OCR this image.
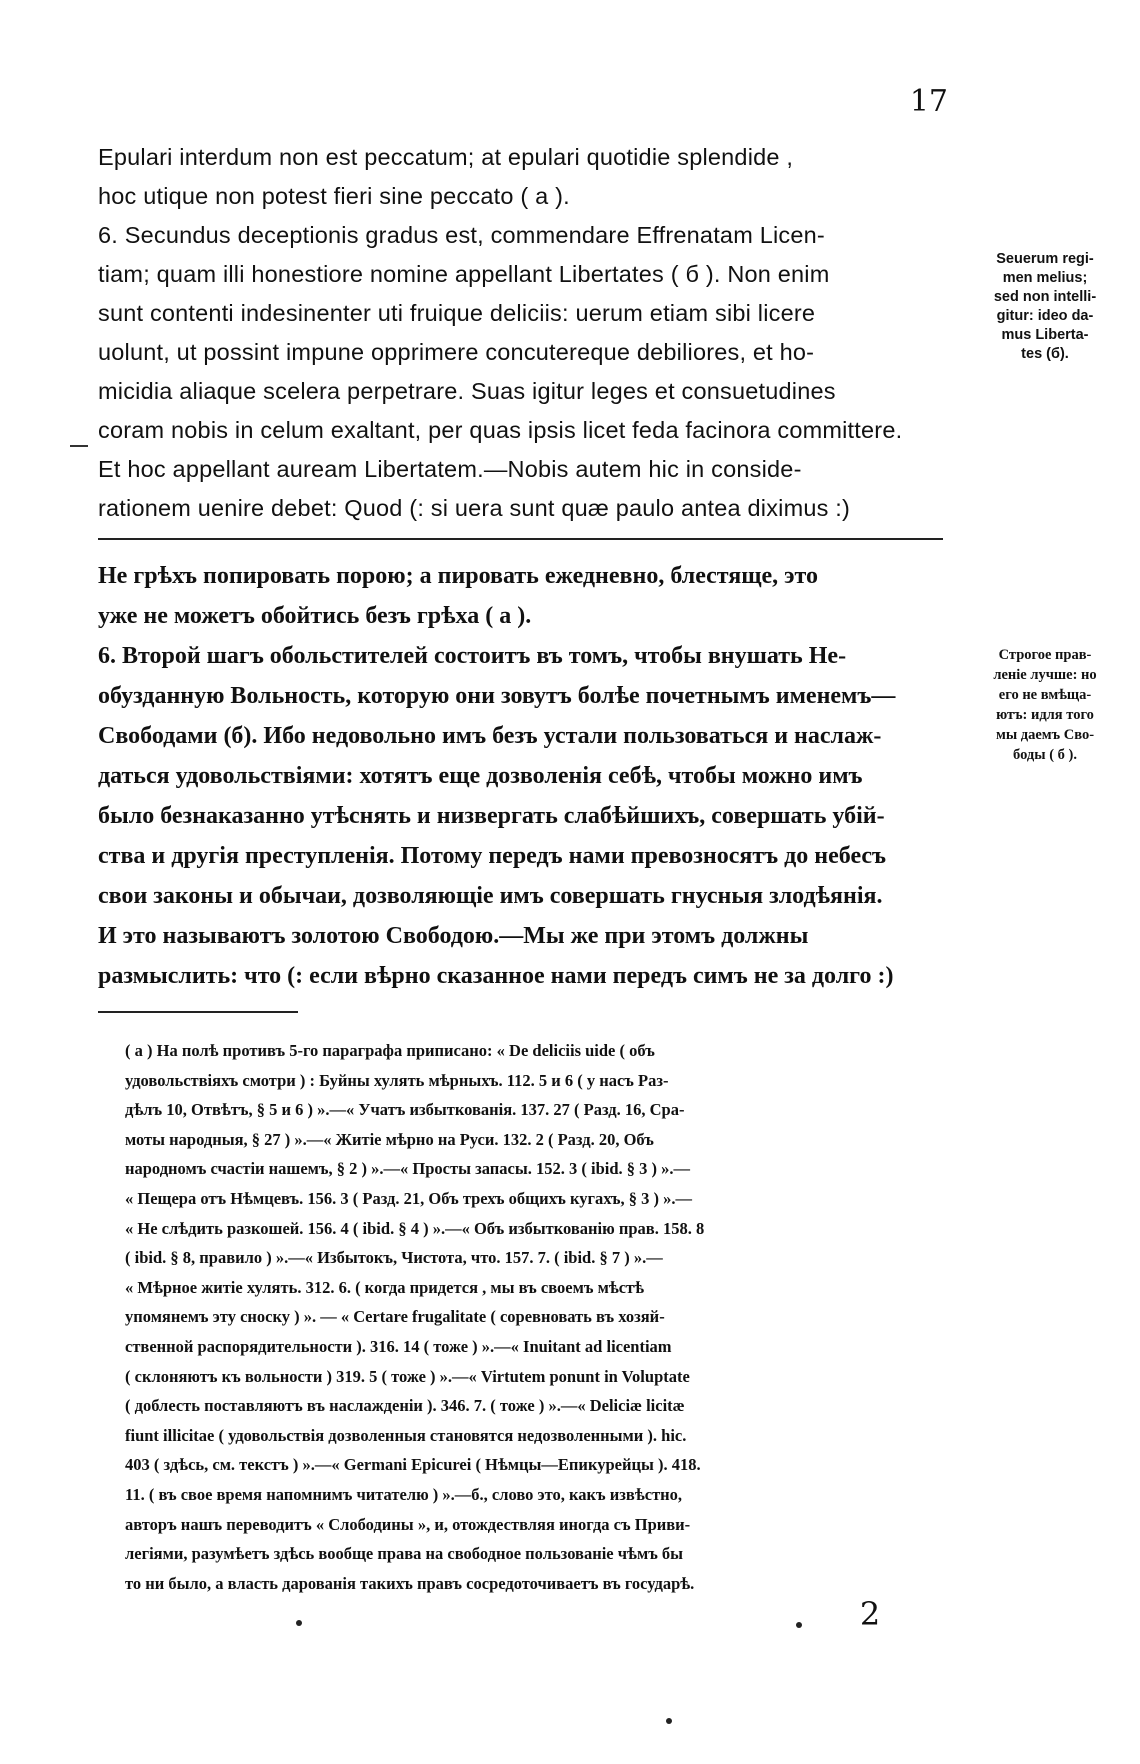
17
Epulari interdum non est peccatum; at epulari quotidie splendide ,
hoc utique non potest fieri sine peccato ( a ).
6. Secundus deceptionis gradus est, commendare Effrenatam Licen-
tiam; quam illi honestiore nomine appellant Libertates ( б ). Non enim
sunt contenti indesinenter uti fruique deliciis: uerum etiam sibi licere
uolunt, ut possint impune opprimere concutereque debiliores, et ho-
micidia aliaque scelera perpetrare. Suas igitur leges et consuetudines
coram nobis in celum exaltant, per quas ipsis licet feda facinora committere.
Et hoc appellant auream Libertatem.—Nobis autem hic in conside-
rationem uenire debet: Quod (: si uera sunt quæ paulo antea diximus :)
Seuerum regi-
men melius;
sed non intelli-
gitur: ideo da-
mus Liberta-
tes (б).
Не грѣхъ попировать порою; а пировать ежедневно, блестяще, это
уже не можетъ обойтись безъ грѣха ( а ).
6. Второй шагъ обольстителей состоитъ въ томъ, чтобы внушать Не-
обузданную Вольность, которую они зовутъ болѣе почетнымъ именемъ—
Свободами (б). Ибо недовольно имъ безъ устали пользоваться и наслаж-
даться удовольствіями: хотятъ еще дозволенія себѣ, чтобы можно имъ
было безнаказанно утѣснять и низвергать слабѣйшихъ, совершать убій-
ства и другія преступленія. Потому передъ нами превозносятъ до небесъ
свои законы и обычаи, дозволяющіе имъ совершать гнусныя злодѣянія.
И это называютъ золотою Свободою.—Мы же при этомъ должны
размыслить: что (: если вѣрно сказанное нами передъ симъ не за долго :)
Строгое прав-
леніе лучше: но
его не вмѣща-
ютъ: идля того
мы даемъ Сво-
боды ( б ).
( а ) На полѣ противъ 5-го параграфа приписано: « De deliciis uide ( объ
удовольствіяхъ смотри ) : Буйны хулять мѣрныхъ. 112. 5 и 6 ( у насъ Раз-
дѣлъ 10, Отвѣтъ, § 5 и 6 ) ».—« Учатъ избыткованія. 137. 27 ( Разд. 16, Сра-
моты народныя, § 27 ) ».—« Житіе мѣрно на Руси. 132. 2 ( Разд. 20, Объ
народномъ счастіи нашемъ, § 2 ) ».—« Просты запасы. 152. 3 ( ibid. § 3 ) ».—
« Пещера отъ Нѣмцевъ. 156. 3 ( Разд. 21, Объ трехъ общихъ кугахъ, § 3 ) ».—
« Не слѣдить разкошей. 156. 4 ( ibid. § 4 ) ».—« Объ избыткованію прав. 158. 8
( ibid. § 8, правило ) ».—« Избытокъ, Чистота, что. 157. 7. ( ibid. § 7 ) ».—
« Мѣрное житіе хулять. 312. 6. ( когда придется , мы въ своемъ мѣстѣ
упомянемъ эту сноску ) ». — « Certare frugalitate ( соревновать въ хозяй-
ственной распорядительности ). 316. 14 ( тоже ) ».—« Inuitant ad licentiam
( склоняютъ къ вольности ) 319. 5 ( тоже ) ».—« Virtutem ponunt in Voluptate
( доблесть поставляютъ въ наслажденіи ). 346. 7. ( тоже ) ».—« Deliciæ licitæ
fiunt illicitae ( удовольствія дозволенныя становятся недозволенными ). hic.
403 ( здѣсь, см. текстъ ) ».—« Germani Epicurei ( Нѣмцы—Епикурейцы ). 418.
11. ( въ свое время напомнимъ читателю ) ».—б., слово это, какъ извѣстно,
авторъ нашъ переводитъ « Слободины », и, отождествляя иногда съ Приви-
легіями, разумѣетъ здѣсь вообще права на свободное пользованіе чѣмъ бы
то ни было, а власть дарованія такихъ правъ сосредоточиваетъ въ государѣ.
2
